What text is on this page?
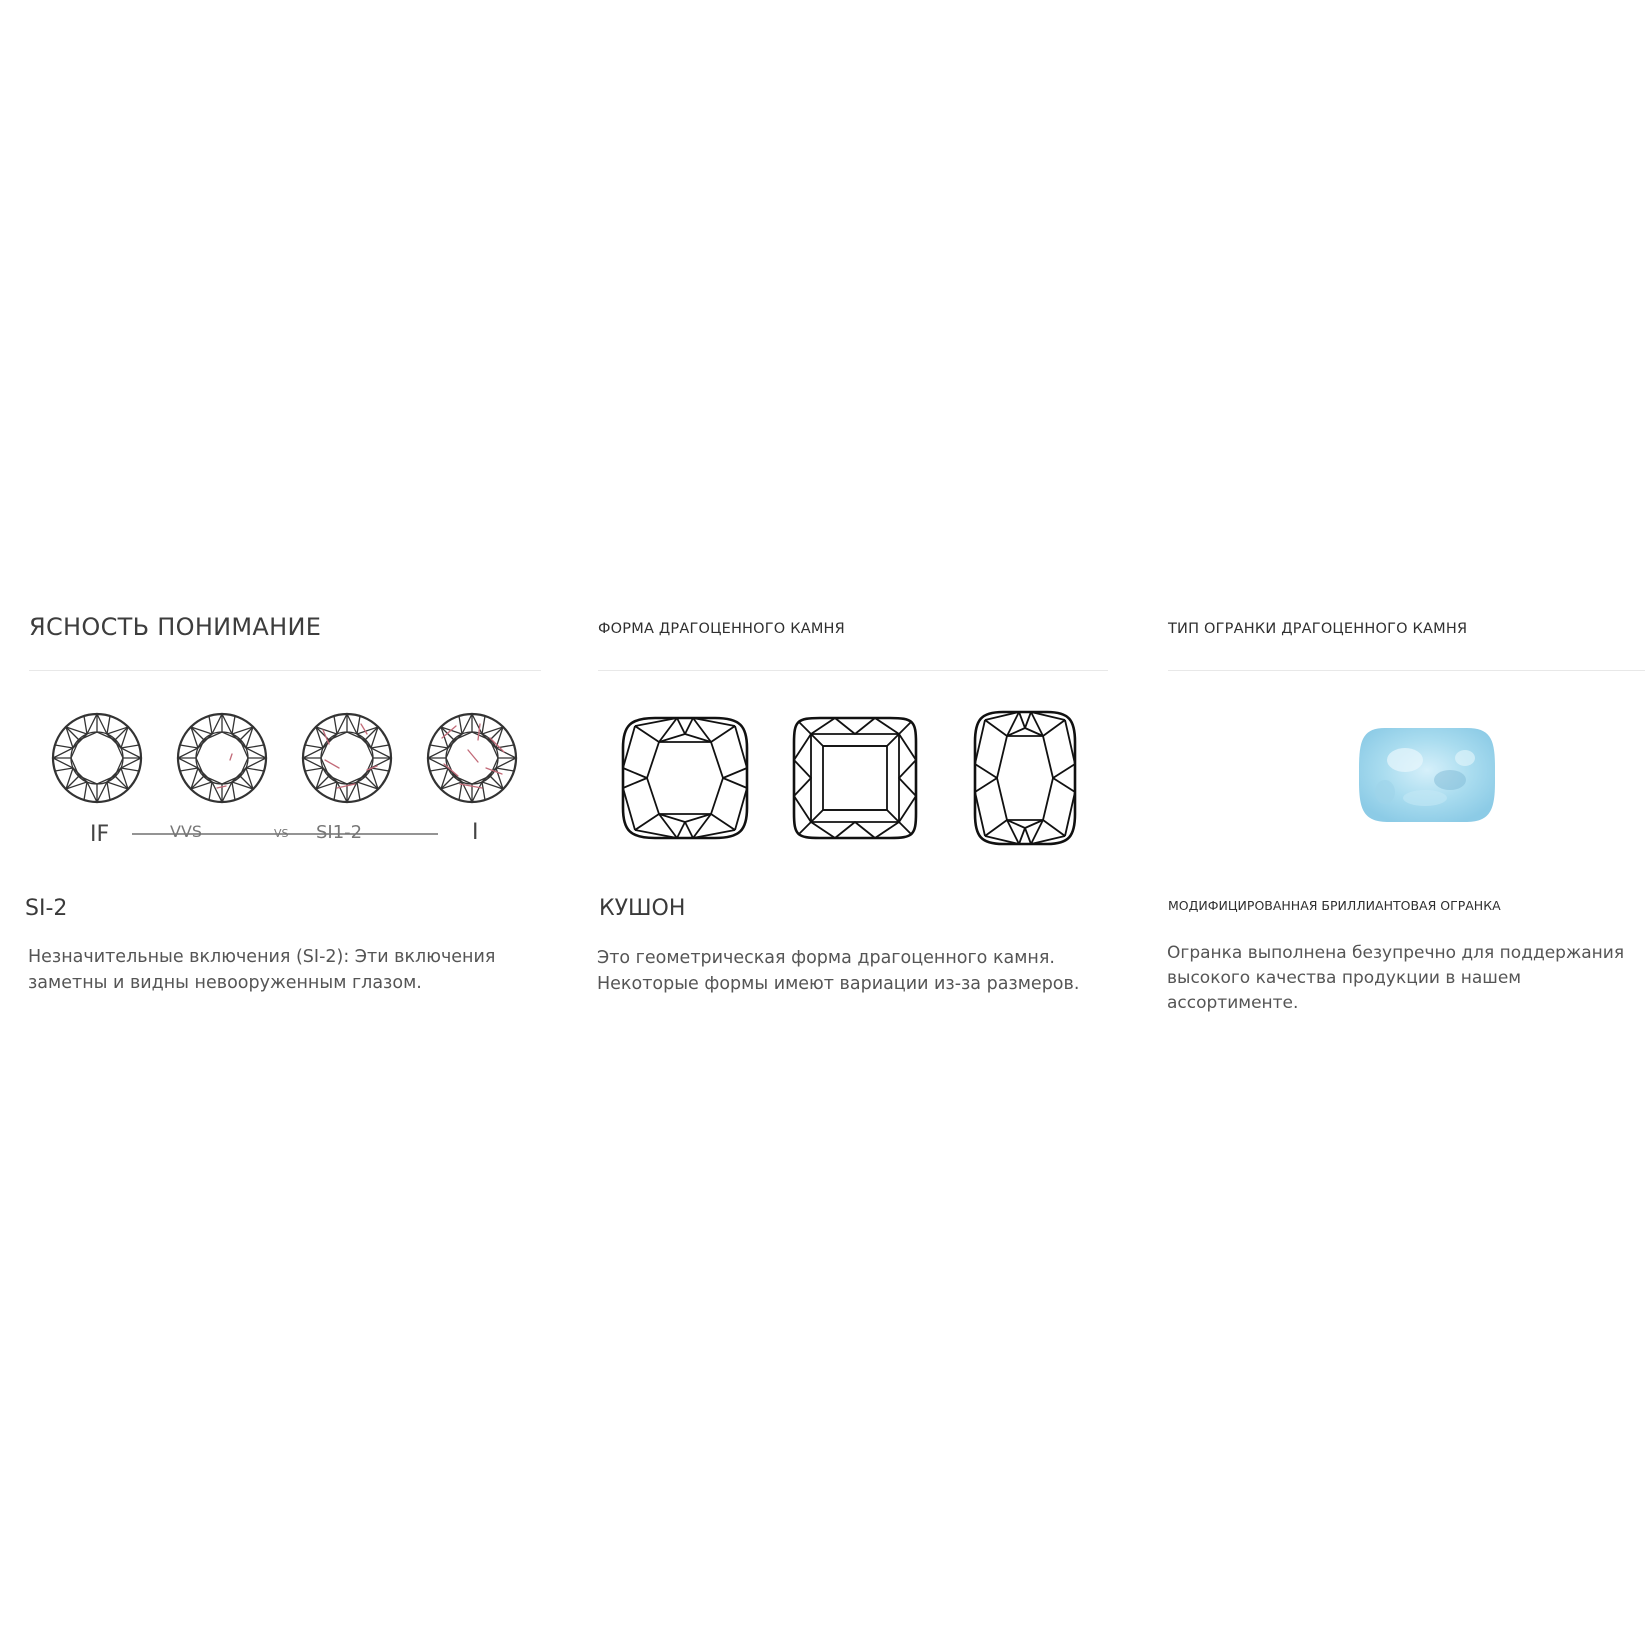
ЯСНОСТЬ ПОНИМАНИЕ
IF	VVS	VS SI1-2	I
SI-2
Незначительные включения (SI-2): Эти включения заметны и видны невооруженным глазом.
ФОРМА ДРАГОЦЕННОГО КАМНЯ
КУШОН
Это геометрическая форма драгоценного камня. Некоторые формы имеют вариации из-за размеров.
ТИП ОГРАНКИ ДРАГОЦЕННОГО КАМНЯ
МОДИФИЦИРОВАННАЯ БРИЛЛИАНТОВАЯ ОГРАНКА
Огранка выполнена безупречно для поддержания высокого качества продукции в нашем ассортименте.
